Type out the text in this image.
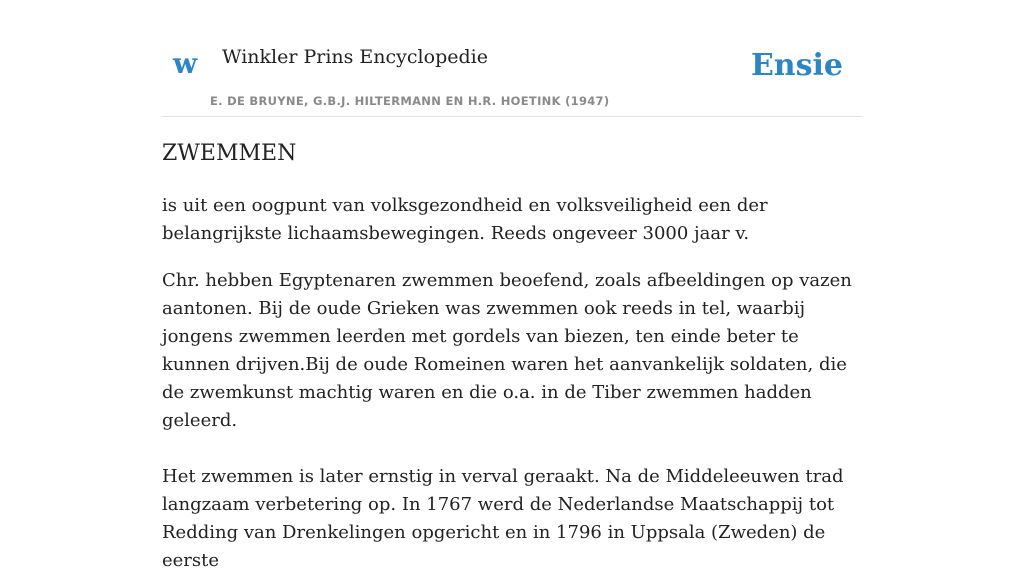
w Winkler Prins Encyclopedie
E. DE BRUYNE, G.B.J. HILTERMANN EN H.R. HOETINK (1947)
Ensie
ZWEMMEN

is uit een oogpunt van volksgezondheid en volksveiligheid een der belangrijkste lichaamsbewegingen. Reeds ongeveer 3000 jaar v.

Chr. hebben Egyptenaren zwemmen beoefend, zoals afbeeldingen op vazen aantonen. Bij de oude Grieken was zwemmen ook reeds in tel, waarbij jongens zwemmen leerden met gordels van biezen, ten einde beter te kunnen drijven.Bij de oude Romeinen waren het aanvankelijk soldaten, die de zwemkunst machtig waren en die o.a. in de Tiber zwemmen hadden geleerd.

Het zwemmen is later ernstig in verval geraakt. Na de Middeleeuwen trad langzaam verbetering op. In 1767 werd de Nederlandse Maatschappij tot Redding van Drenkelingen opgericht en in 1796 in Uppsala (Zweden) de eerste
